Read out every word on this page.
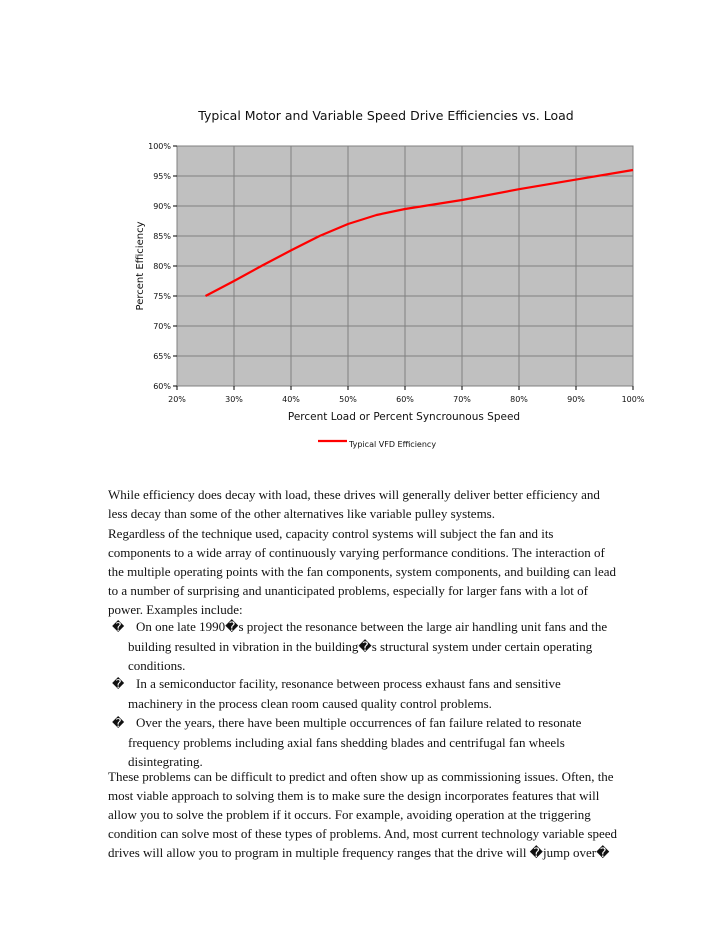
Typical Motor and Variable Speed Drive Efficiencies vs. Load
60%
65%
70%
75%
80%
85%
90%
95%
100%
20%	30%	40%	50%	60%	70%	80%	90%	100%
Percent Efficiency
Percent Load or Percent Syncrounous Speed
Typical VFD Efficiency

While efficiency does decay with load, these drives will generally deliver better efficiency and
less decay than some of the other alternatives like variable pulley systems.

Regardless of the technique used, capacity control systems will subject the fan and its
components to a wide array of continuously varying performance conditions. The interaction of
the multiple operating points with the fan components, system components, and building can lead
to a number of surprising and unanticipated problems, especially for larger fans with a lot of
power. Examples include:

� On one late 1990�s project the resonance between the large air handling unit fans and the
building resulted in vibration in the building�s structural system under certain operating
conditions.
� In a semiconductor facility, resonance between process exhaust fans and sensitive
machinery in the process clean room caused quality control problems.
� Over the years, there have been multiple occurrences of fan failure related to resonate
frequency problems including axial fans shedding blades and centrifugal fan wheels
disintegrating.

These problems can be difficult to predict and often show up as commissioning issues. Often, the
most viable approach to solving them is to make sure the design incorporates features that will
allow you to solve the problem if it occurs. For example, avoiding operation at the triggering
condition can solve most of these types of problems. And, most current technology variable speed
drives will allow you to program in multiple frequency ranges that the drive will �jump over�
